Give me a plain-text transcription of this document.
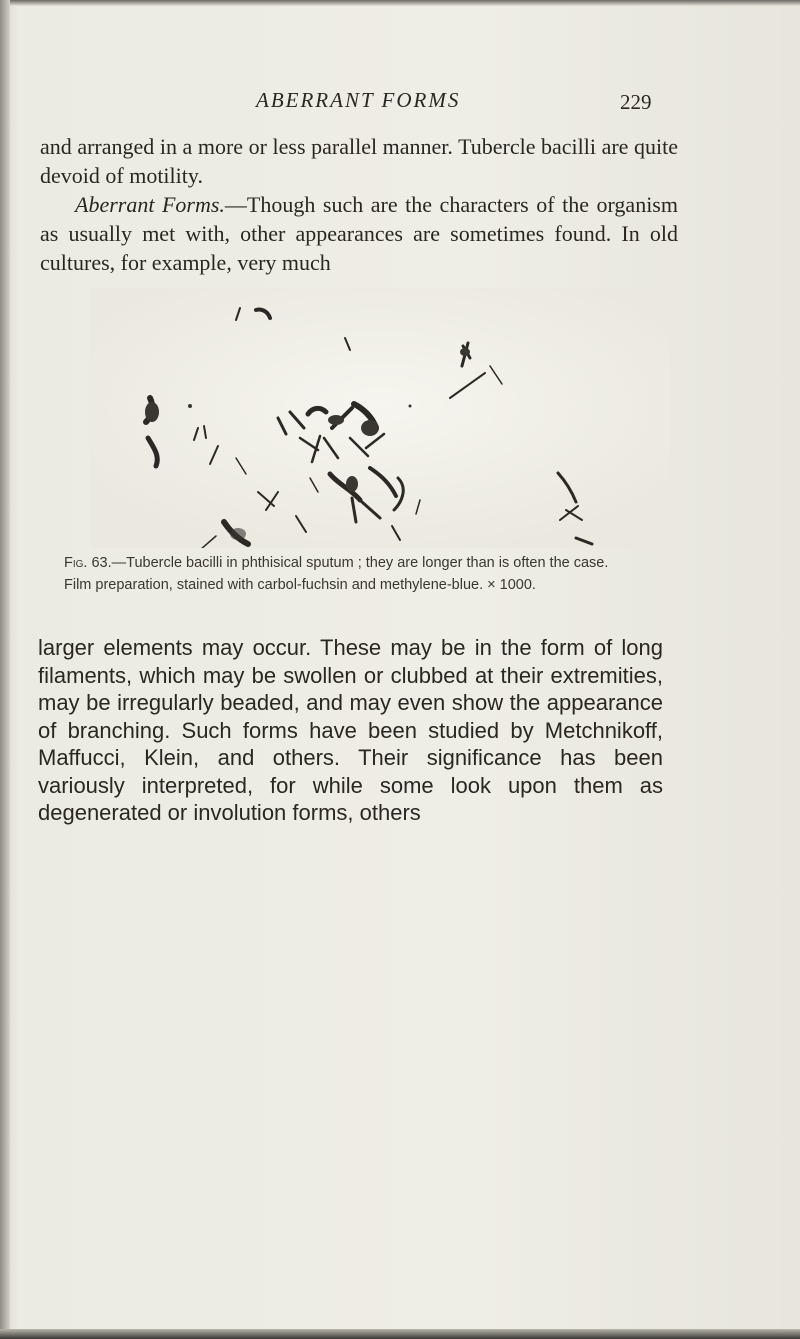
ABERRANT FORMS	229

and arranged in a more or less parallel manner. Tubercle bacilli are quite devoid of motility.

Aberrant Forms.—Though such are the characters of the organism as usually met with, other appearances are sometimes found. In old cultures, for example, very much

Fig. 63.—Tubercle bacilli in phthisical sputum ; they are longer than is often the case.

Film preparation, stained with carbol-fuchsin and methylene-blue. × 1000.

larger elements may occur. These may be in the form of long filaments, which may be swollen or clubbed at their extremities, may be irregularly beaded, and may even show the appearance of branching. Such forms have been studied by Metchnikoff, Maffucci, Klein, and others. Their significance has been variously interpreted, for while some look upon them as degenerated or involution forms, others
